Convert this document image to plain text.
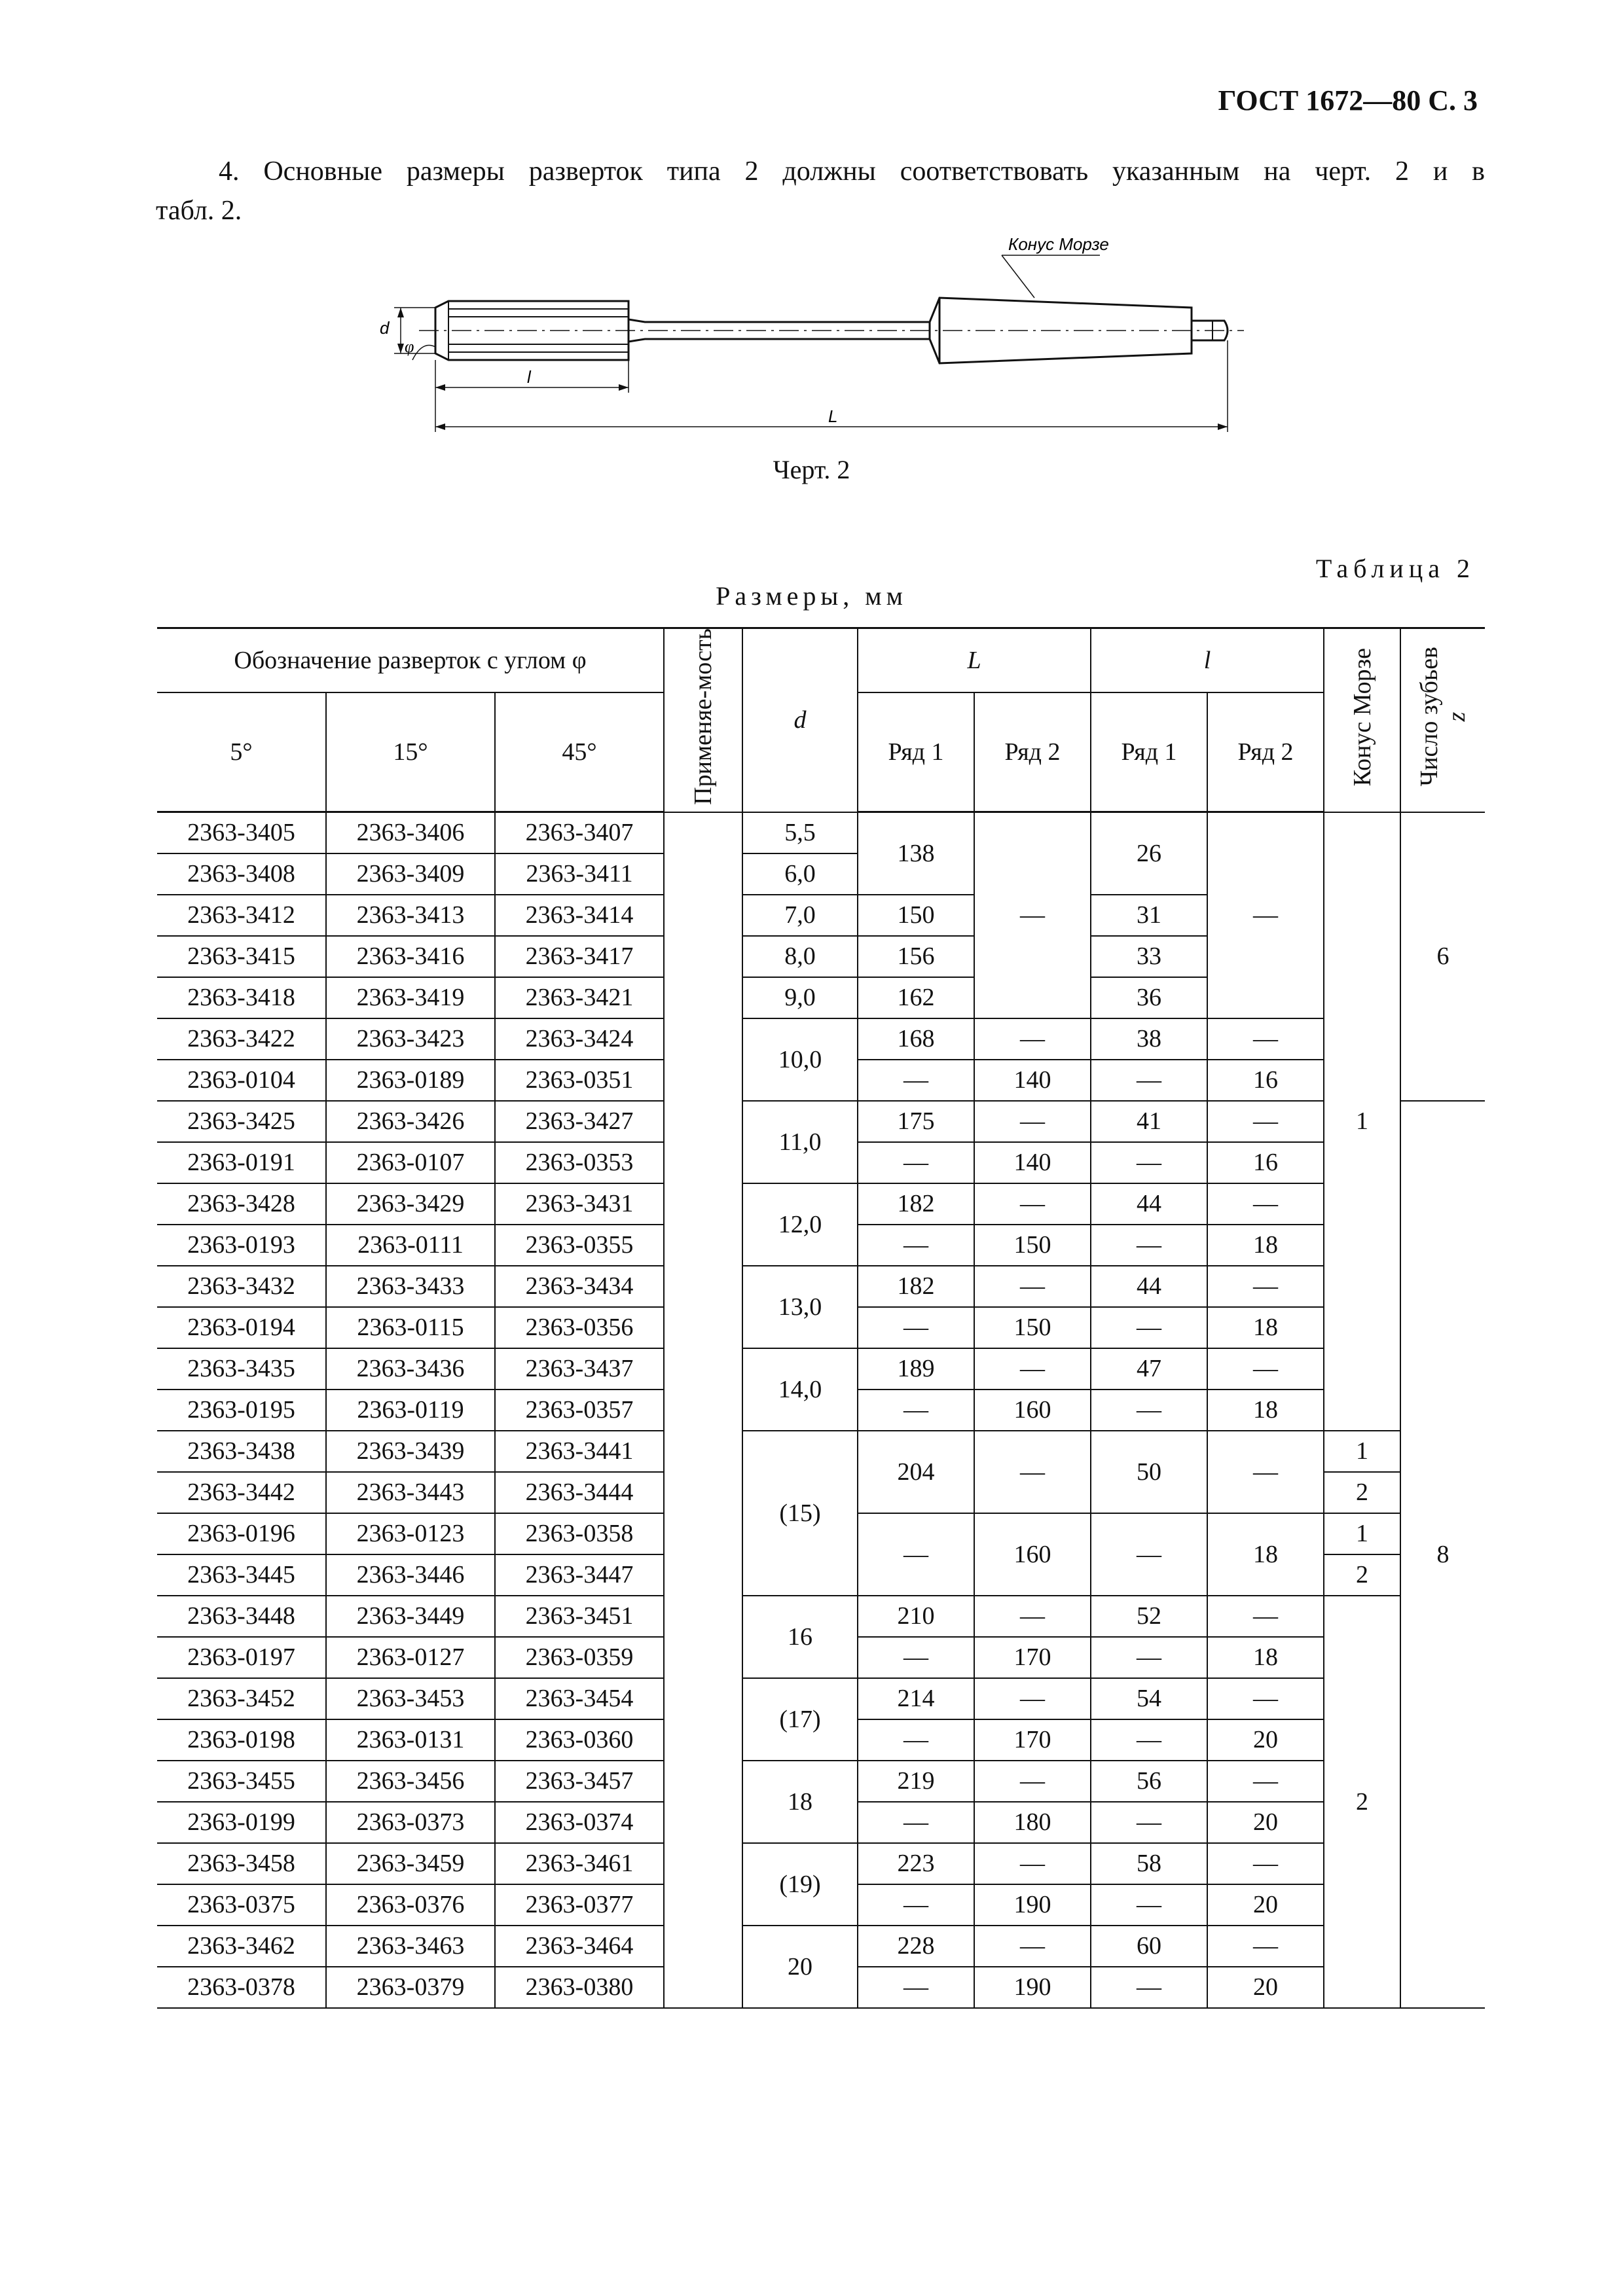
ГОСТ 1672—80 С. 3
4. Основные размеры разверток типа 2 должны соответствовать указанным на черт. 2 и в
табл. 2.
Конус Морзе
d
φ
l
L
Черт. 2
Таблица 2
Размеры, мм
Обозначение разверток с углом φ			Применяе-мость	d	L		l		Конус Морзе	Число зубьев
z
5°	15°	45°			Ряд 1	Ряд 2	Ряд 1	Ряд 2		
2363-3405	2363-3406	2363-3407		5,5	138	—	26	—	1	6
2363-3408	2363-3409	2363-3411		6,0						
2363-3412	2363-3413	2363-3414		7,0	150		31			
2363-3415	2363-3416	2363-3417		8,0	156		33			
2363-3418	2363-3419	2363-3421		9,0	162		36			
2363-3422	2363-3423	2363-3424		10,0	168	—	38	—		
2363-0104	2363-0189	2363-0351			—	140	—	16		
2363-3425	2363-3426	2363-3427		11,0	175	—	41	—		8
2363-0191	2363-0107	2363-0353			—	140	—	16		
2363-3428	2363-3429	2363-3431		12,0	182	—	44	—		
2363-0193	2363-0111	2363-0355			—	150	—	18		
2363-3432	2363-3433	2363-3434		13,0	182	—	44	—		
2363-0194	2363-0115	2363-0356			—	150	—	18		
2363-3435	2363-3436	2363-3437		14,0	189	—	47	—		
2363-0195	2363-0119	2363-0357			—	160	—	18		
2363-3438	2363-3439	2363-3441		(15)	204	—	50	—	1	
2363-3442	2363-3443	2363-3444							2	
2363-0196	2363-0123	2363-0358			—	160	—	18	1	
2363-3445	2363-3446	2363-3447							2	
2363-3448	2363-3449	2363-3451		16	210	—	52	—	2	
2363-0197	2363-0127	2363-0359			—	170	—	18		
2363-3452	2363-3453	2363-3454		(17)	214	—	54	—		
2363-0198	2363-0131	2363-0360			—	170	—	20		
2363-3455	2363-3456	2363-3457		18	219	—	56	—		
2363-0199	2363-0373	2363-0374			—	180	—	20		
2363-3458	2363-3459	2363-3461		(19)	223	—	58	—		
2363-0375	2363-0376	2363-0377			—	190	—	20		
2363-3462	2363-3463	2363-3464		20	228	—	60	—		
2363-0378	2363-0379	2363-0380			—	190	—	20		
